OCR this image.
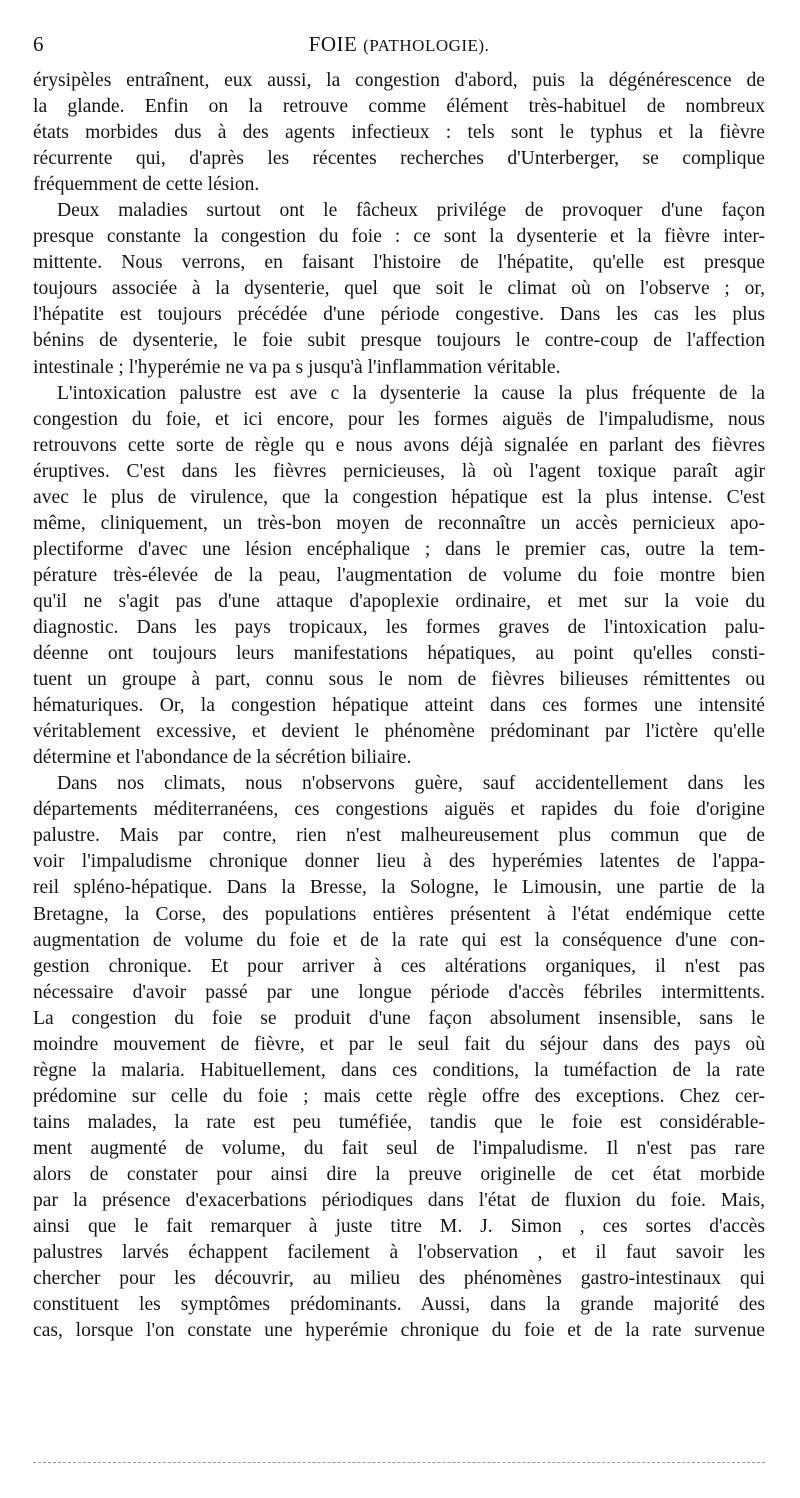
6	FOIE (PATHOLOGIE).
érysipèles entraînent, eux aussi, la congestion d'abord, puis la dégénérescence de
la glande. Enfin on la retrouve comme élément très-habituel de nombreux
états morbides dus à des agents infectieux : tels sont le typhus et la fièvre
récurrente qui, d'après les récentes recherches d'Unterberger, se complique
fréquemment de cette lésion.
Deux maladies surtout ont le fâcheux privilége de provoquer d'une façon
presque constante la congestion du foie : ce sont la dysenterie et la fièvre inter-
mittente. Nous verrons, en faisant l'histoire de l'hépatite, qu'elle est presque
toujours associée à la dysenterie, quel que soit le climat où on l'observe ; or,
l'hépatite est toujours précédée d'une période congestive. Dans les cas les plus
bénins de dysenterie, le foie subit presque toujours le contre-coup de l'affection
intestinale ; l'hyperémie ne va pa s jusqu'à l'inflammation véritable.
L'intoxication palustre est ave c la dysenterie la cause la plus fréquente de la
congestion du foie, et ici encore, pour les formes aiguës de l'impaludisme, nous
retrouvons cette sorte de règle qu e nous avons déjà signalée en parlant des fièvres
éruptives. C'est dans les fièvres pernicieuses, là où l'agent toxique paraît agir
avec le plus de virulence, que la congestion hépatique est la plus intense. C'est
même, cliniquement, un très-bon moyen de reconnaître un accès pernicieux apo-
plectiforme d'avec une lésion encéphalique ; dans le premier cas, outre la tem-
pérature très-élevée de la peau, l'augmentation de volume du foie montre bien
qu'il ne s'agit pas d'une attaque d'apoplexie ordinaire, et met sur la voie du
diagnostic. Dans les pays tropicaux, les formes graves de l'intoxication palu-
déenne ont toujours leurs manifestations hépatiques, au point qu'elles consti-
tuent un groupe à part, connu sous le nom de fièvres bilieuses rémittentes ou
hématuriques. Or, la congestion hépatique atteint dans ces formes une intensité
véritablement excessive, et devient le phénomène prédominant par l'ictère qu'elle
détermine et l'abondance de la sécrétion biliaire.
Dans nos climats, nous n'observons guère, sauf accidentellement dans les
départements méditerranéens, ces congestions aiguës et rapides du foie d'origine
palustre. Mais par contre, rien n'est malheureusement plus commun que de
voir l'impaludisme chronique donner lieu à des hyperémies latentes de l'appa-
reil spléno-hépatique. Dans la Bresse, la Sologne, le Limousin, une partie de la
Bretagne, la Corse, des populations entières présentent à l'état endémique cette
augmentation de volume du foie et de la rate qui est la conséquence d'une con-
gestion chronique. Et pour arriver à ces altérations organiques, il n'est pas
nécessaire d'avoir passé par une longue période d'accès fébriles intermittents.
La congestion du foie se produit d'une façon absolument insensible, sans le
moindre mouvement de fièvre, et par le seul fait du séjour dans des pays où
règne la malaria. Habituellement, dans ces conditions, la tuméfaction de la rate
prédomine sur celle du foie ; mais cette règle offre des exceptions. Chez cer-
tains malades, la rate est peu tuméfiée, tandis que le foie est considérable-
ment augmenté de volume, du fait seul de l'impaludisme. Il n'est pas rare
alors de constater pour ainsi dire la preuve originelle de cet état morbide
par la présence d'exacerbations périodiques dans l'état de fluxion du foie. Mais,
ainsi que le fait remarquer à juste titre M. J. Simon , ces sortes d'accès
palustres larvés échappent facilement à l'observation , et il faut savoir les
chercher pour les découvrir, au milieu des phénomènes gastro-intestinaux qui
constituent les symptômes prédominants. Aussi, dans la grande majorité des
cas, lorsque l'on constate une hyperémie chronique du foie et de la rate survenue
